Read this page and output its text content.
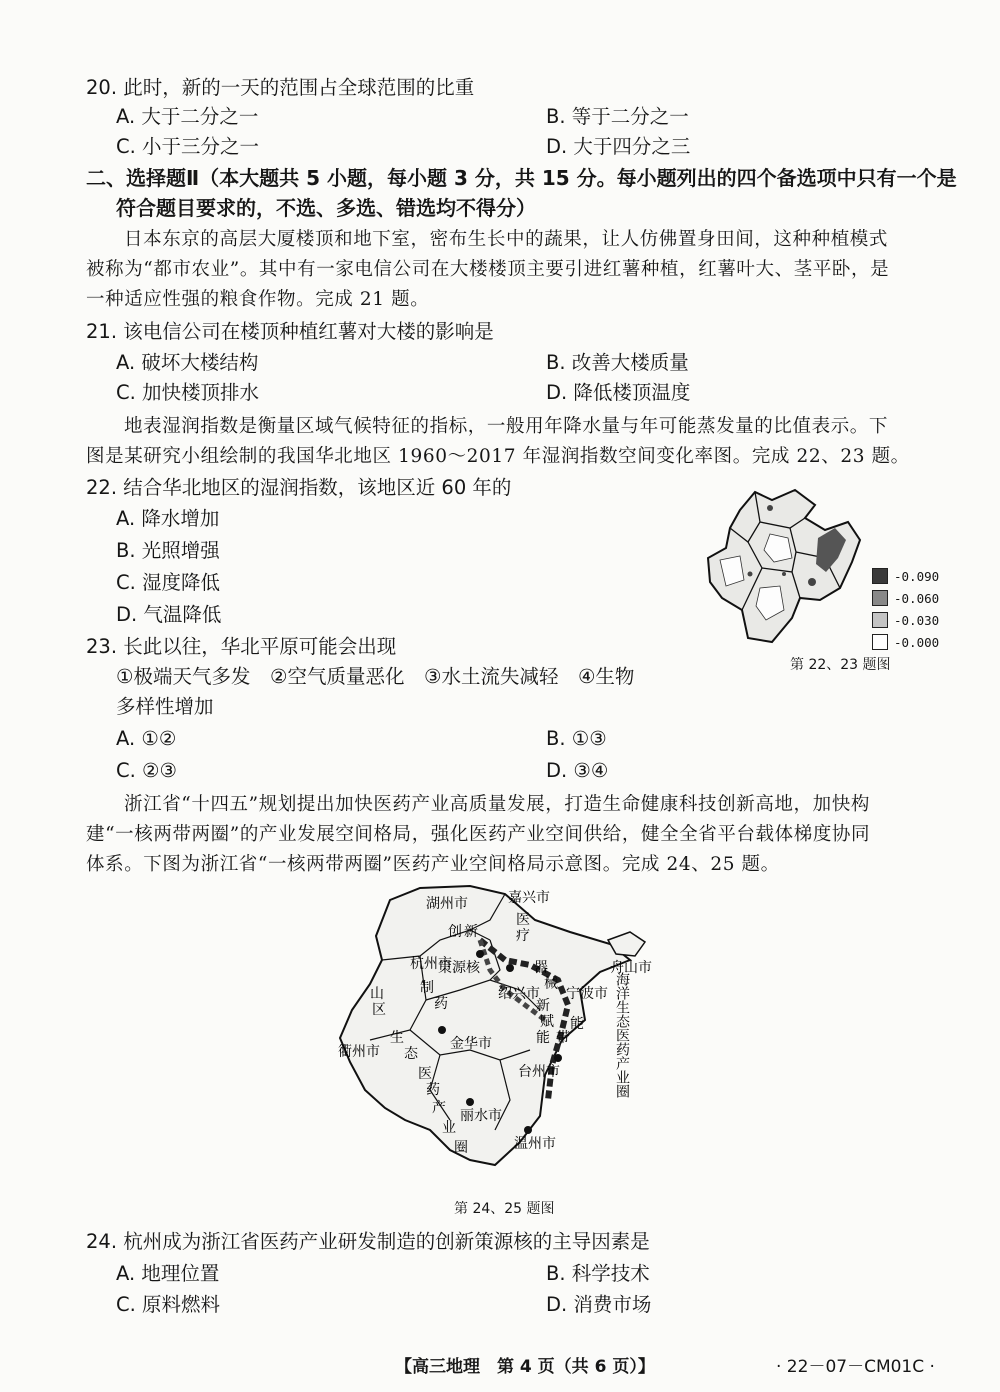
20. 此时，新的一天的范围占全球范围的比重
A. 大于二分之一	B. 等于二分之一
C. 小于三分之一	D. 大于四分之三
二、选择题Ⅱ（本大题共 5 小题，每小题 3 分，共 15 分。每小题列出的四个备选项中只有一个是
符合题目要求的，不选、多选、错选均不得分）
日本东京的高层大厦楼顶和地下室，密布生长中的蔬果，让人仿佛置身田间，这种种植模式
被称为“都市农业”。其中有一家电信公司在大楼楼顶主要引进红薯种植，红薯叶大、茎平卧，是
一种适应性强的粮食作物。完成 21 题。
21. 该电信公司在楼顶种植红薯对大楼的影响是
A. 破坏大楼结构	B. 改善大楼质量
C. 加快楼顶排水	D. 降低楼顶温度
地表湿润指数是衡量区域气候特征的指标，一般用年降水量与年可能蒸发量的比值表示。下
图是某研究小组绘制的我国华北地区 1960～2017 年湿润指数空间变化率图。完成 22、23 题。
22. 结合华北地区的湿润指数，该地区近 60 年的
A. 降水增加
B. 光照增强
C. 湿度降低
D. 气温降低
-0.090
-0.060
-0.030
-0.000
第 22、23 题图
23. 长此以往，华北平原可能会出现
①极端天气多发　②空气质量恶化　③水土流失减轻　④生物
多样性增加
A. ①②	B. ①③
C. ②③	D. ③④
浙江省“十四五”规划提出加快医药产业高质量发展，打造生命健康科技创新高地，加快构
建“一核两带两圈”的产业发展空间格局，强化医药产业空间供给，健全全省平台载体梯度协同
体系。下图为浙江省“一核两带两圈”医药产业空间格局示意图。完成 24、25 题。
嘉兴市
湖州市
杭州市	舟山市
绍兴市 宁波市
衢州市	金华市
台州市
丽水市
温州市
创 新
医
疗
策源核
制
药
器
械
新
赋
能 带
能
山
区
生
态
医
药
产
业
圈
海洋生态医药产业圈
第 24、25 题图
24. 杭州成为浙江省医药产业研发制造的创新策源核的主导因素是
A. 地理位置	B. 科学技术
C. 原料燃料	D. 消费市场
【高三地理　第 4 页（共 6 页）】	· 22－07－CM01C ·
